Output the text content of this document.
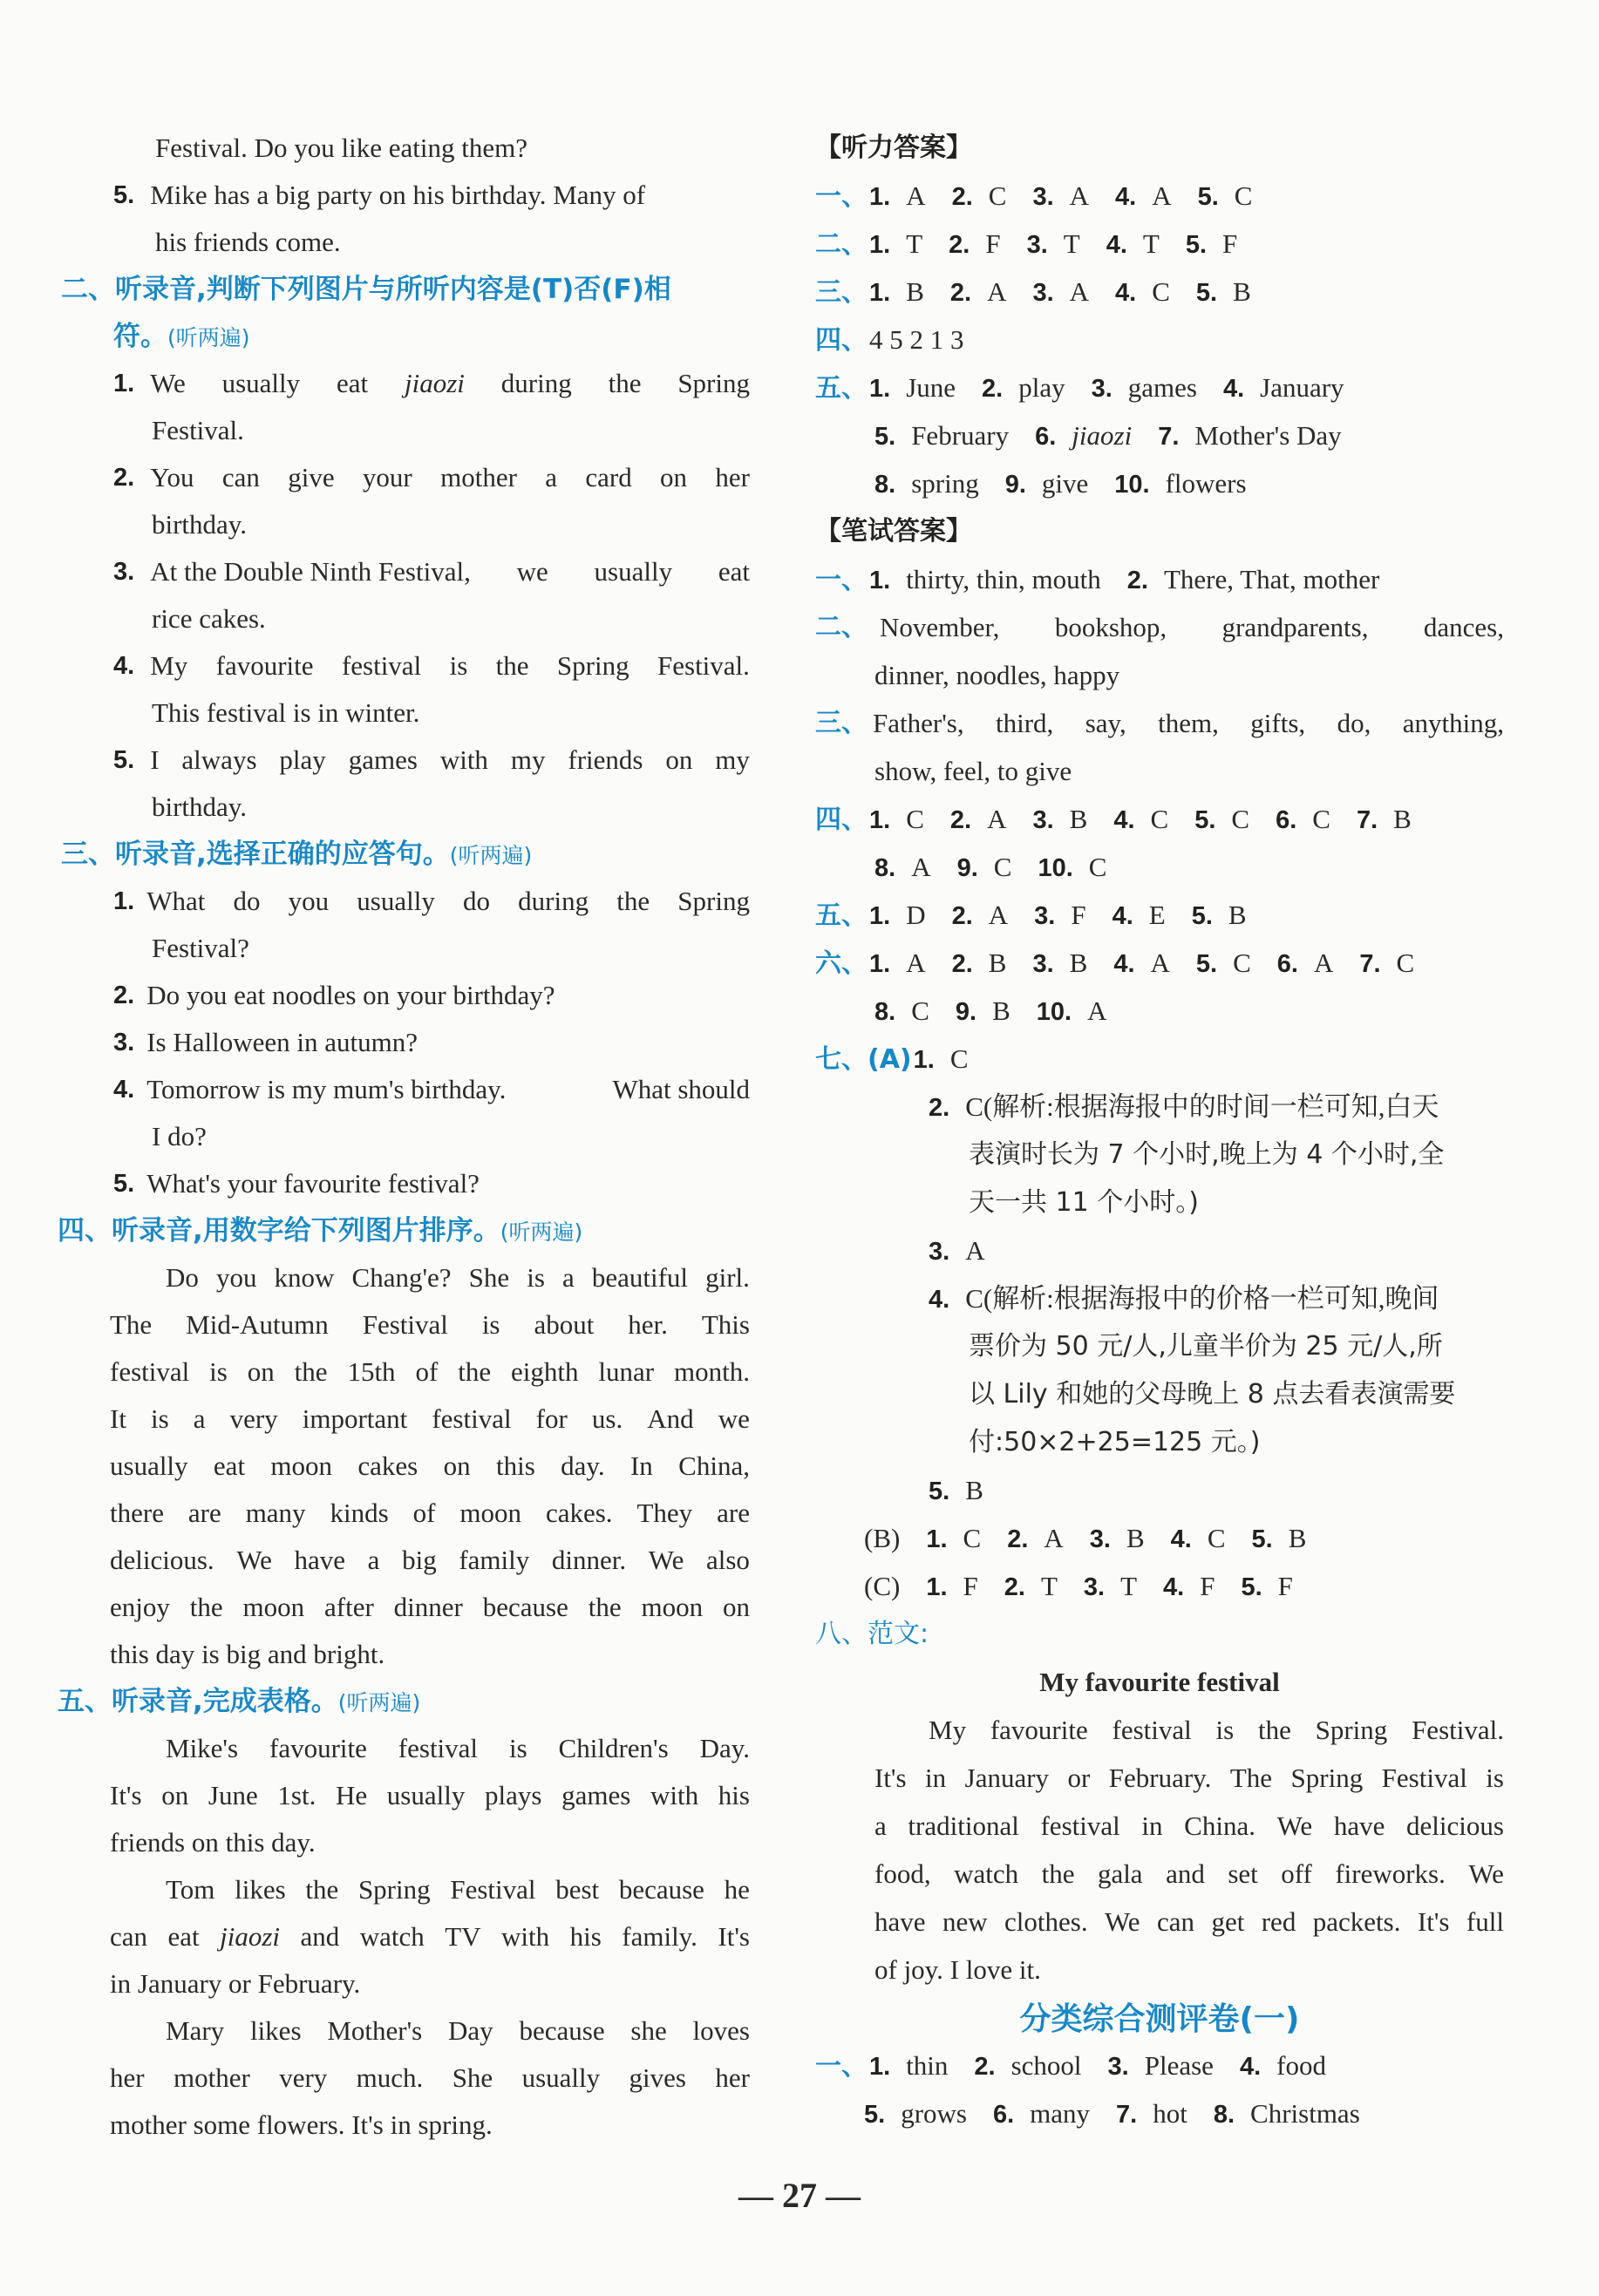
Festival. Do you like eating them?
5. Mike has a big party on his birthday. Many of
his friends come.
二、听录音,判断下列图片与所听内容是(T)否(F)相
符。(听两遍)
1. We usually eat jiaozi during the Spring
Festival.
2. You can give your mother a card on her
birthday.
3. At the Double Ninth Festival, we usually eat
rice cakes.
4. My favourite festival is the Spring Festival.
This festival is in winter.
5. I always play games with my friends on my
birthday.
三、听录音,选择正确的应答句。(听两遍)
1. What do you usually do during the Spring
Festival?
2. Do you eat noodles on your birthday?
3. Is Halloween in autumn?
4. Tomorrow is my mum's birthday.	What should
I do?
5. What's your favourite festival?
四、听录音,用数字给下列图片排序。(听两遍)
Do you know Chang'e? She is a beautiful girl.
The Mid-Autumn Festival is about her. This
festival is on the 15th of the eighth lunar month.
It is a very important festival for us. And we
usually eat moon cakes on this day. In China,
there are many kinds of moon cakes. They are
delicious. We have a big family dinner. We also
enjoy the moon after dinner because the moon on
this day is big and bright.
五、听录音,完成表格。(听两遍)
Mike's favourite festival is Children's Day.
It's on June 1st. He usually plays games with his
friends on this day.
Tom likes the Spring Festival best because he
can eat jiaozi and watch TV with his family. It's
in January or February.
Mary likes Mother's Day because she loves
her mother very much. She usually gives her
mother some flowers. It's in spring.
【听力答案】
一、1. A 2. C 3. A 4. A 5. C
二、1. T 2. F 3. T 4. T 5. F
三、1. B 2. A 3. A 4. C 5. B
四、4 5 2 1 3
五、1. June 2. play 3. games 4. January
5. February 6. jiaozi 7. Mother's Day
8. spring 9. give 10. flowers
【笔试答案】
一、1. thirty, thin, mouth 2. There, That, mother
二、 November, bookshop, grandparents, dances,
dinner, noodles, happy
三、 Father's, third, say, them, gifts, do, anything,
show, feel, to give
四、1. C 2. A 3. B 4. C 5. C 6. C 7. B
8. A 9. C 10. C
五、1. D 2. A 3. F 4. E 5. B
六、1. A 2. B 3. B 4. A 5. C 6. A 7. C
8. C 9. B 10. A
七、(A)1. C
2. C(解析:根据海报中的时间一栏可知,白天
表演时长为 7 个小时,晚上为 4 个小时,全
天一共 11 个小时。)
3. A
4. C(解析:根据海报中的价格一栏可知,晚间
票价为 50 元/人,儿童半价为 25 元/人,所
以 Lily 和她的父母晚上 8 点去看表演需要
付:50×2+25=125 元。)
5. B
(B) 1. C 2. A 3. B 4. C 5. B
(C) 1. F 2. T 3. T 4. F 5. F
八、范文:
My favourite festival
My favourite festival is the Spring Festival.
It's in January or February. The Spring Festival is
a traditional festival in China. We have delicious
food, watch the gala and set off fireworks. We
have new clothes. We can get red packets. It's full
of joy. I love it.
分类综合测评卷(一)
一、1. thin 2. school 3. Please 4. food
5. grows 6. many 7. hot 8. Christmas
— 27 —
